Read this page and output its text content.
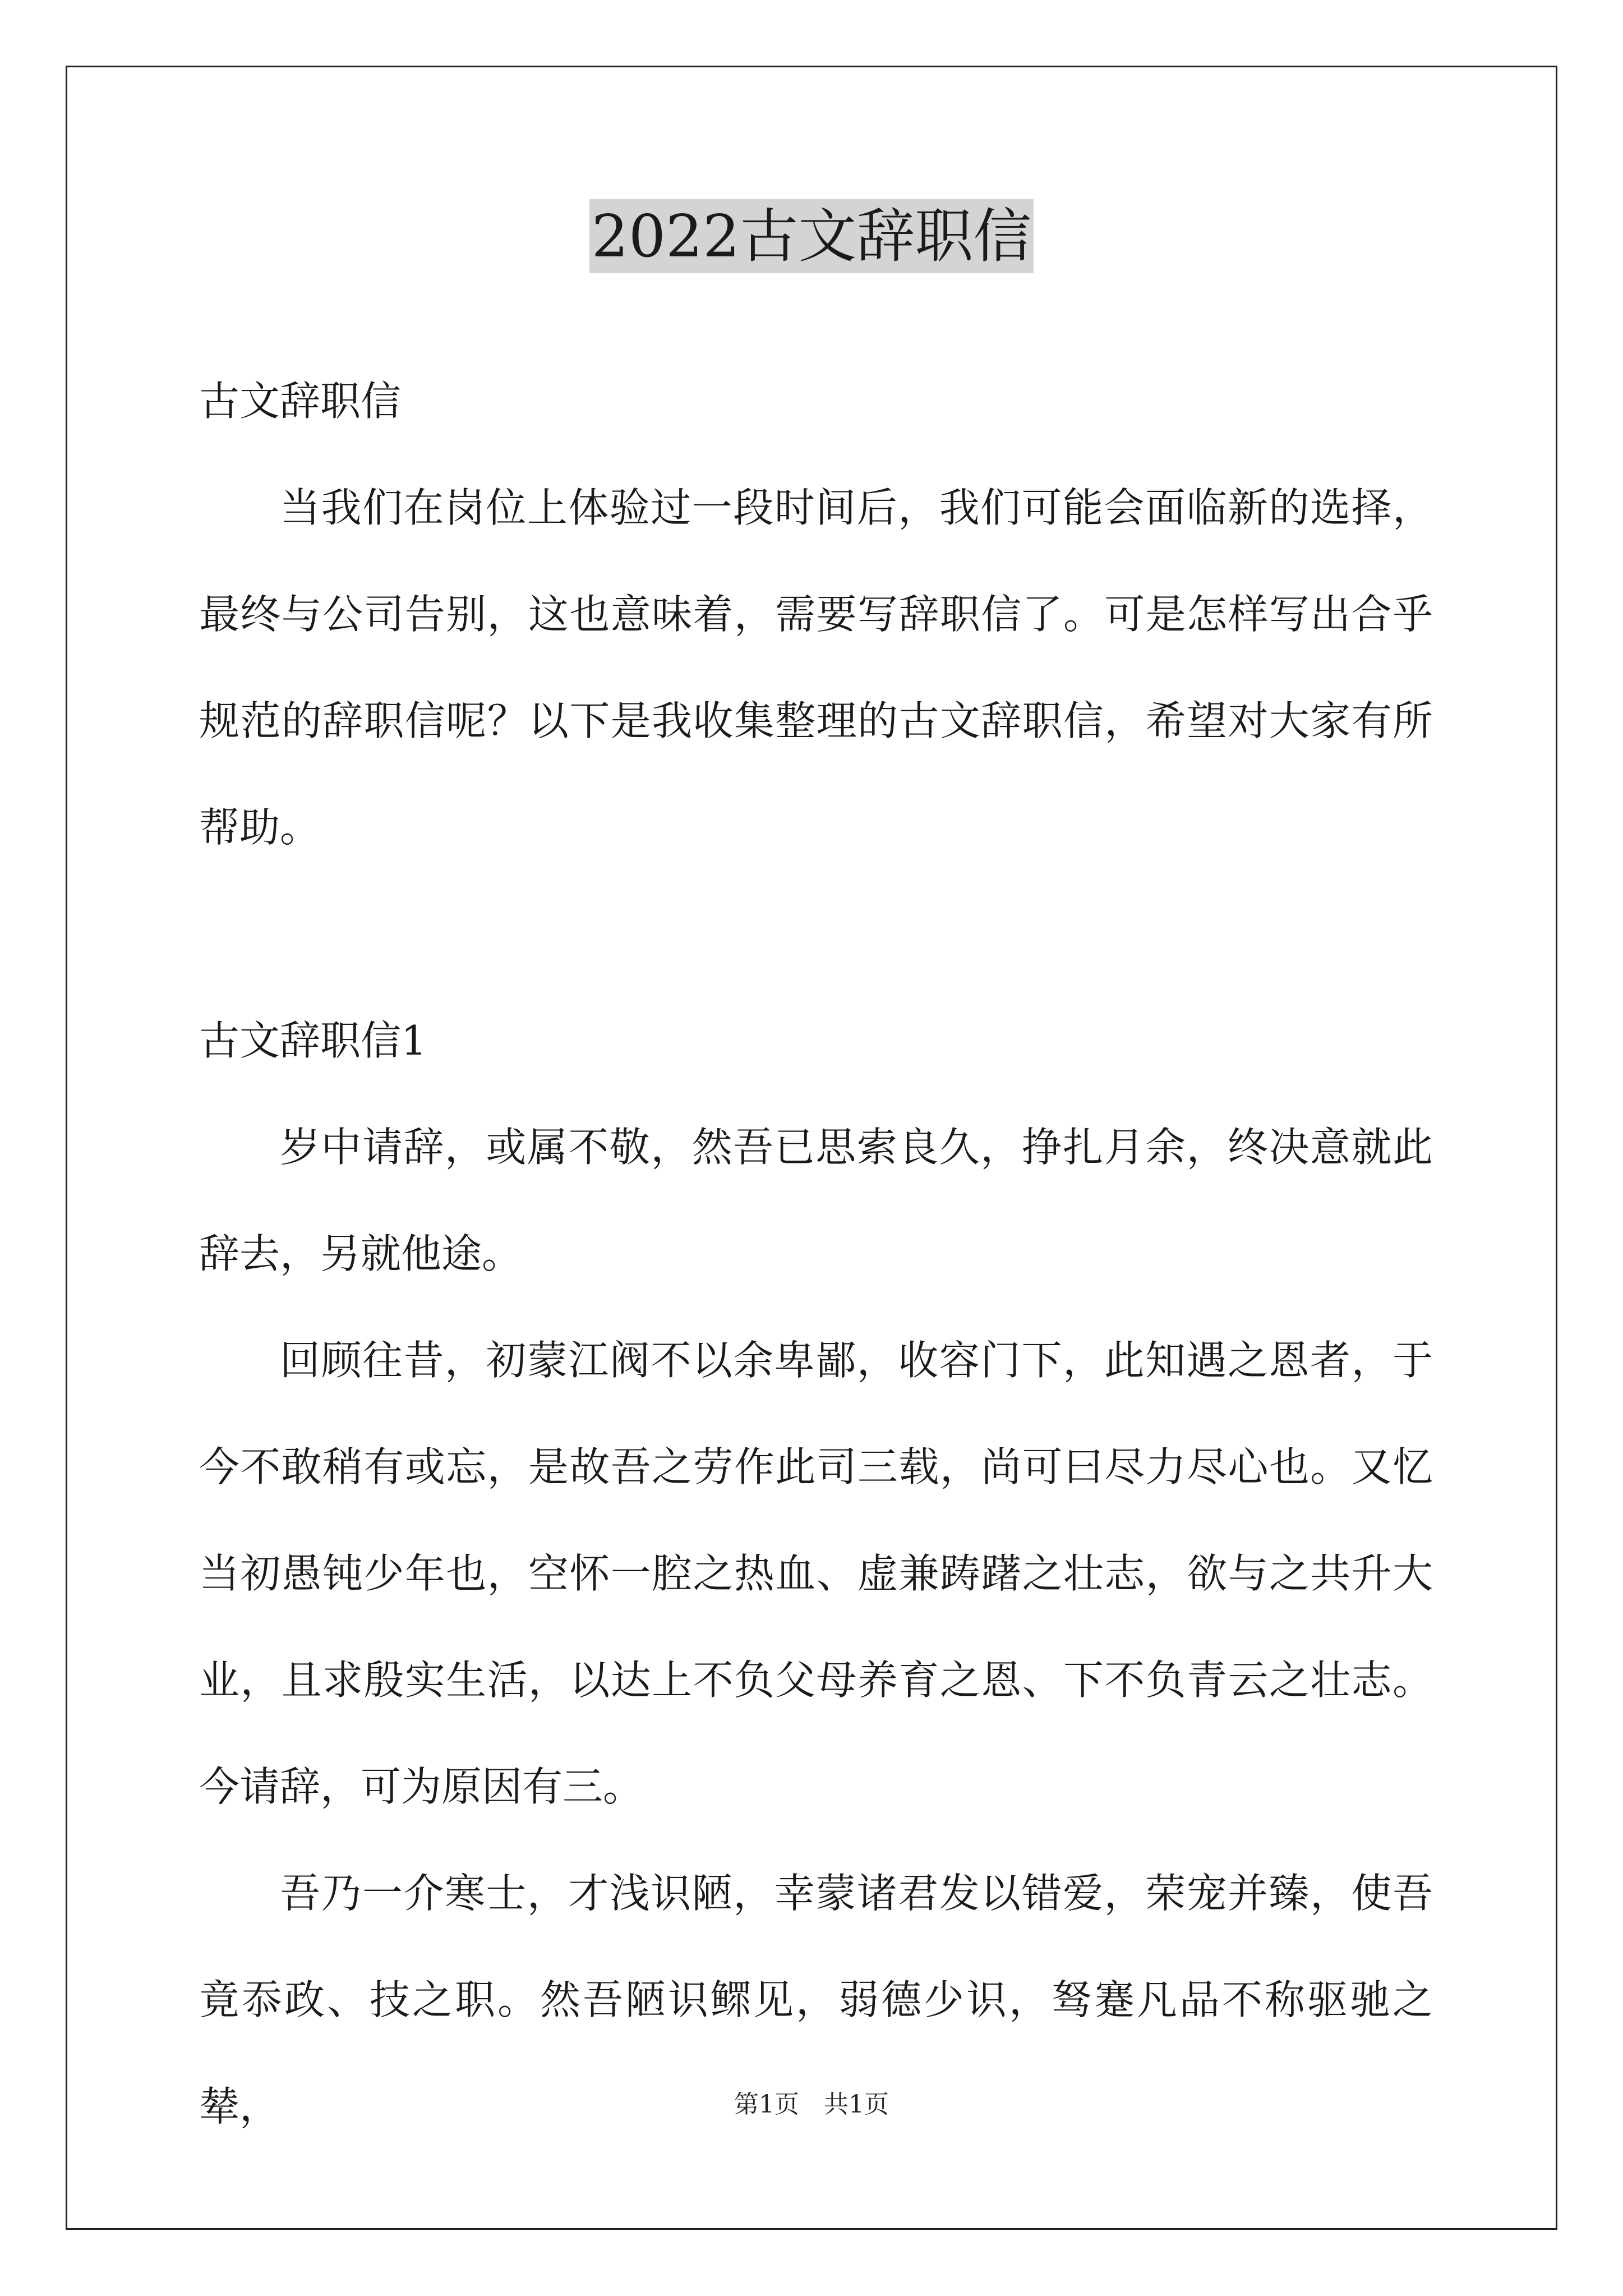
2022古文辞职信

古文辞职信

当我们在岗位上体验过一段时间后，我们可能会面临新的选择，最终与公司告别，这也意味着，需要写辞职信了。可是怎样写出合乎规范的辞职信呢？以下是我收集整理的古文辞职信，希望对大家有所帮助。

古文辞职信1

岁中请辞，或属不敬，然吾已思索良久，挣扎月余，终决意就此辞去，另就他途。

回顾往昔，初蒙江阀不以余卑鄙，收容门下，此知遇之恩者，于今不敢稍有或忘，是故吾之劳作此司三载，尚可曰尽力尽心也。又忆当初愚钝少年也，空怀一腔之热血、虚兼踌躇之壮志，欲与之共升大业，且求殷实生活，以达上不负父母养育之恩、下不负青云之壮志。今请辞，可为原因有三。

吾乃一介寒士，才浅识陋，幸蒙诸君发以错爱，荣宠并臻，使吾竟忝政、技之职。然吾陋识鳏见，弱德少识，驽蹇凡品不称驱驰之辇，	第1页　共1页
